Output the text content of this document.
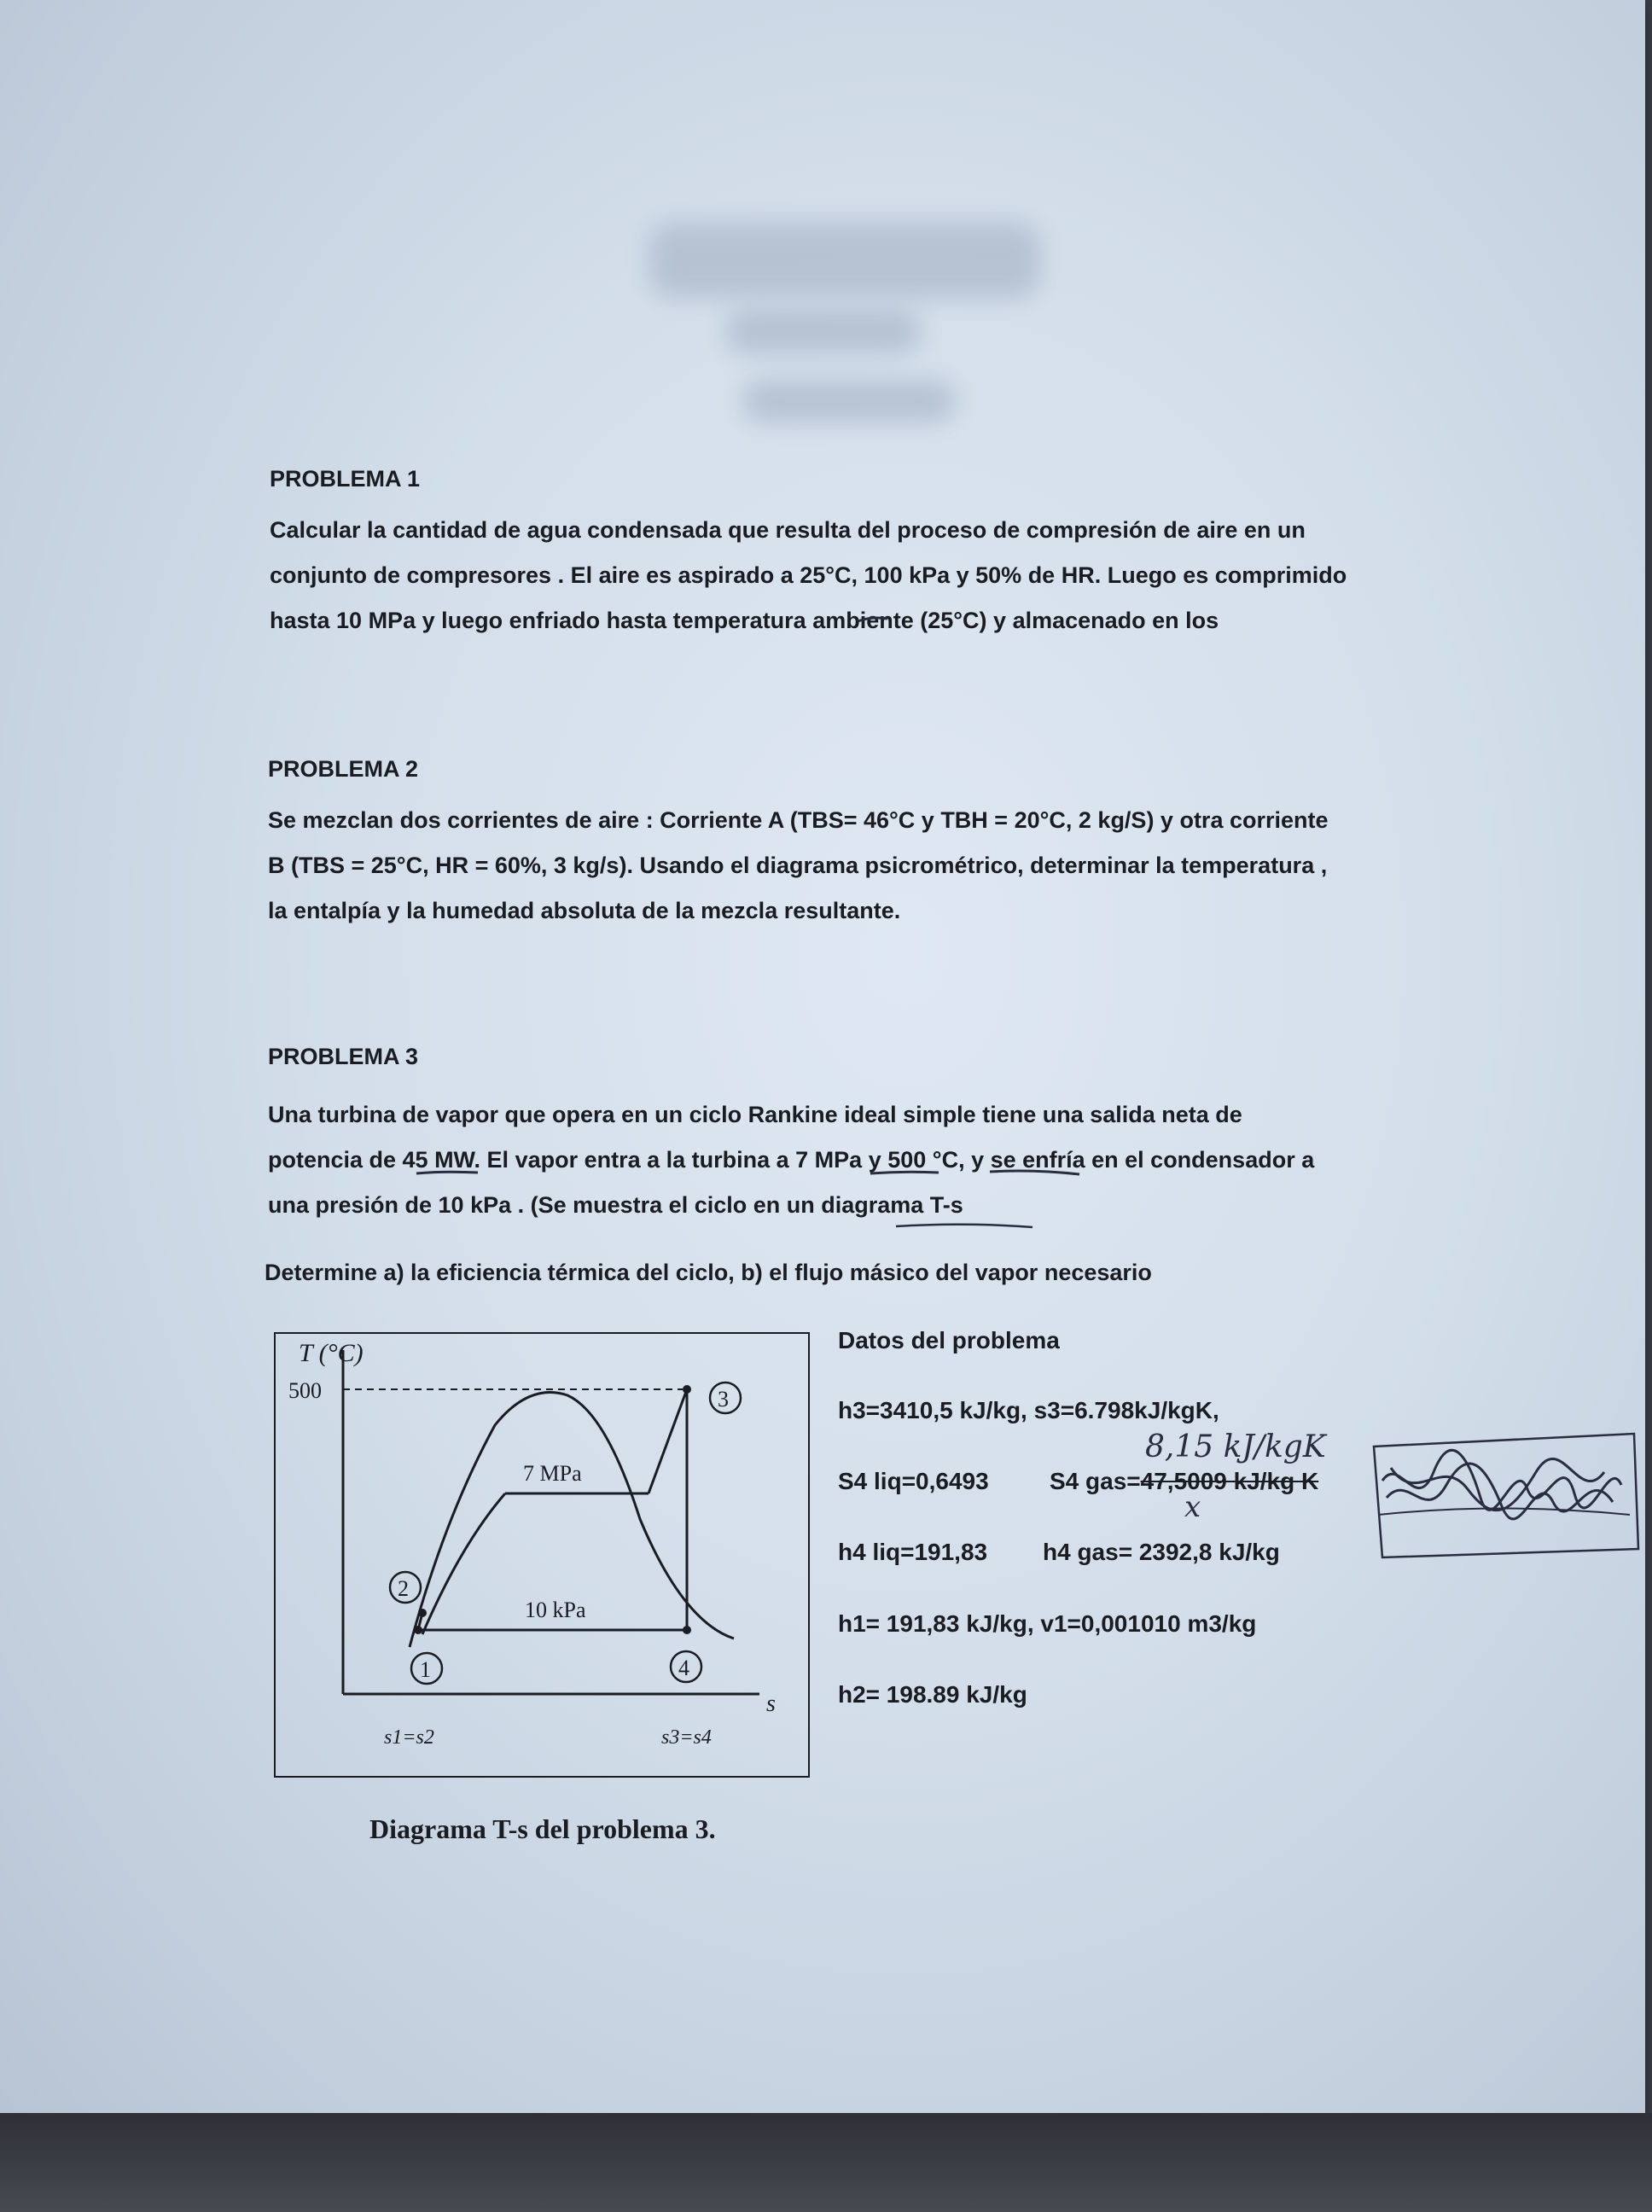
PROBLEMA 1
Calcular la cantidad de agua condensada que resulta del proceso de compresión de aire en un
conjunto de compresores . El aire es aspirado a 25°C, 100 kPa y 50% de HR. Luego es comprimido
hasta 10 MPa y luego enfriado hasta temperatura ambiente (25°C) y almacenado en los
PROBLEMA 2
Se mezclan dos corrientes de aire : Corriente A (TBS= 46°C y TBH = 20°C, 2 kg/S) y otra corriente
B (TBS = 25°C, HR = 60%, 3 kg/s). Usando el diagrama psicrométrico, determinar la temperatura ,
la entalpía y la humedad absoluta de la mezcla resultante.
PROBLEMA 3
Una turbina de vapor que opera en un ciclo Rankine ideal simple tiene una salida neta de
potencia de 45 MW. El vapor entra a la turbina a 7 MPa y 500 °C, y se enfría en el condensador a
una presión de 10 kPa . (Se muestra el ciclo en un diagrama T-s
Determine a) la eficiencia térmica del ciclo, b) el flujo másico del vapor necesario
T (°C)
s
500
7 MPa
10 kPa
2
3
1	4
s1=s2	s3=s4
Diagrama T-s del problema 3.
Datos del problema
h3=3410,5 kJ/kg, s3=6.798kJ/kgK,
8,15 kJ/kgK
S4 liq=0,6493	S4 gas=47,5009 kJ/kg K
x
h4 liq=191,83 h4 gas= 2392,8 kJ/kg
h1= 191,83 kJ/kg, v1=0,001010 m3/kg
h2= 198.89 kJ/kg
